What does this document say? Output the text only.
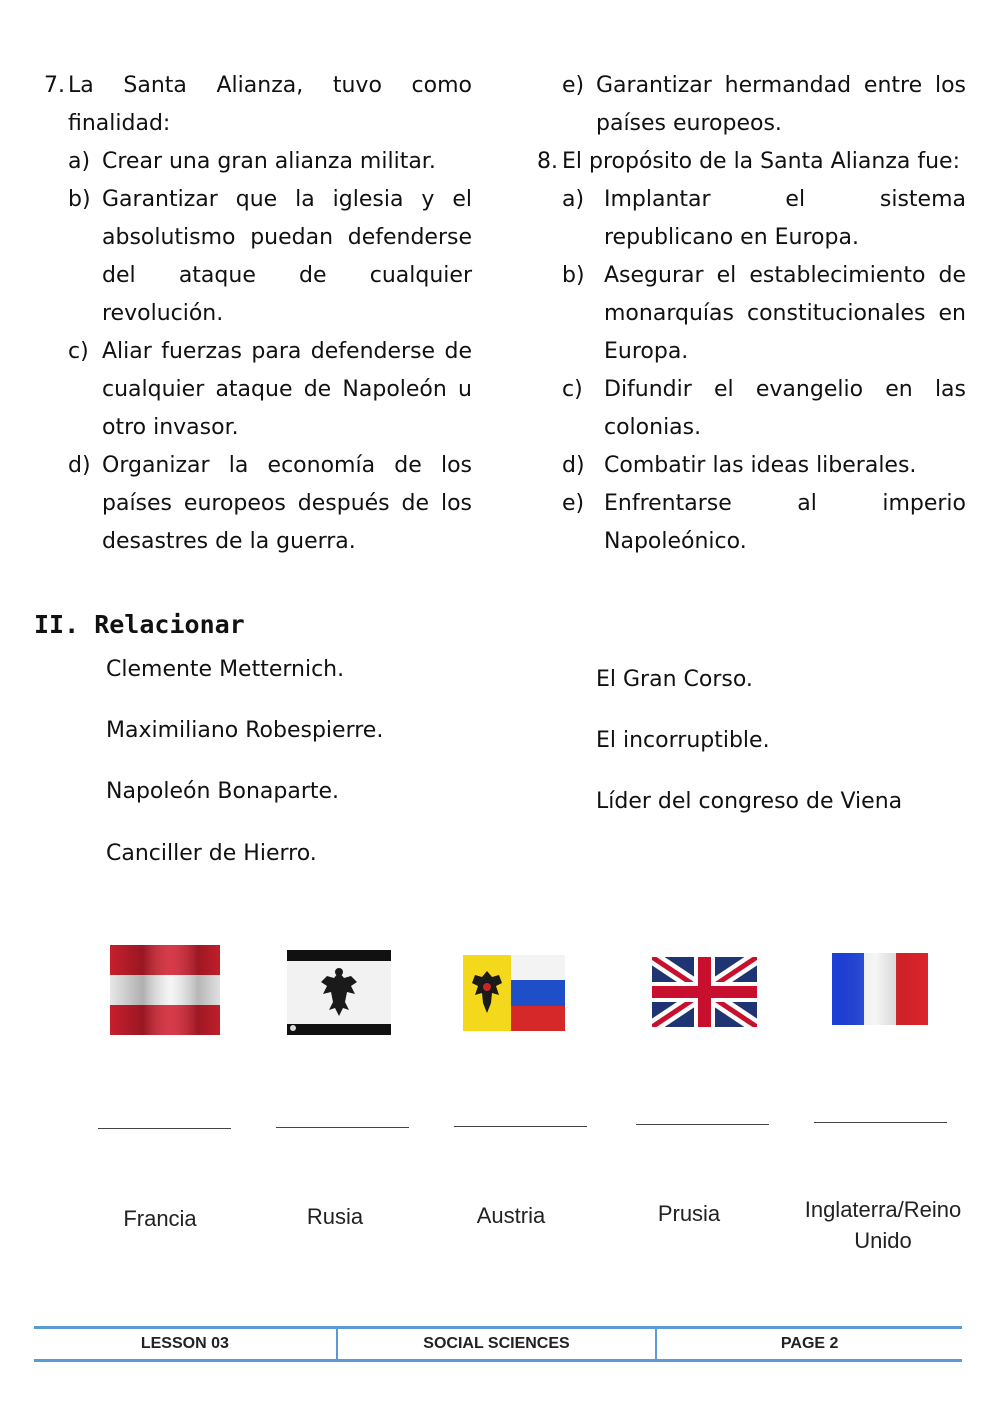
7. La Santa Alianza, tuvo como
finalidad:
a) Crear una gran alianza militar.
b) Garantizar que la iglesia y el absolutismo puedan defenderse del ataque de cualquier revolución.
c) Aliar fuerzas para defenderse de cualquier ataque de Napoleón u otro invasor.
d) Organizar la economía de los países europeos después de los desastres de la guerra.
e) Garantizar hermandad entre los países europeos.
8. El propósito de la Santa Alianza fue:
a) Implantar el sistema republicano en Europa.
b) Asegurar el establecimiento de monarquías constitucionales en Europa.
c) Difundir el evangelio en las colonias.
d) Combatir las ideas liberales.
e) Enfrentarse al imperio Napoleónico.
II. Relacionar
Clemente Metternich.
Maximiliano Robespierre.
Napoleón Bonaparte.
Canciller de Hierro.
El Gran Corso.
El incorruptible.
Líder del congreso de Viena
Francia	Rusia	Austria	Prusia	Inglaterra/Reino Unido
LESSON 03	SOCIAL SCIENCES	PAGE 2
